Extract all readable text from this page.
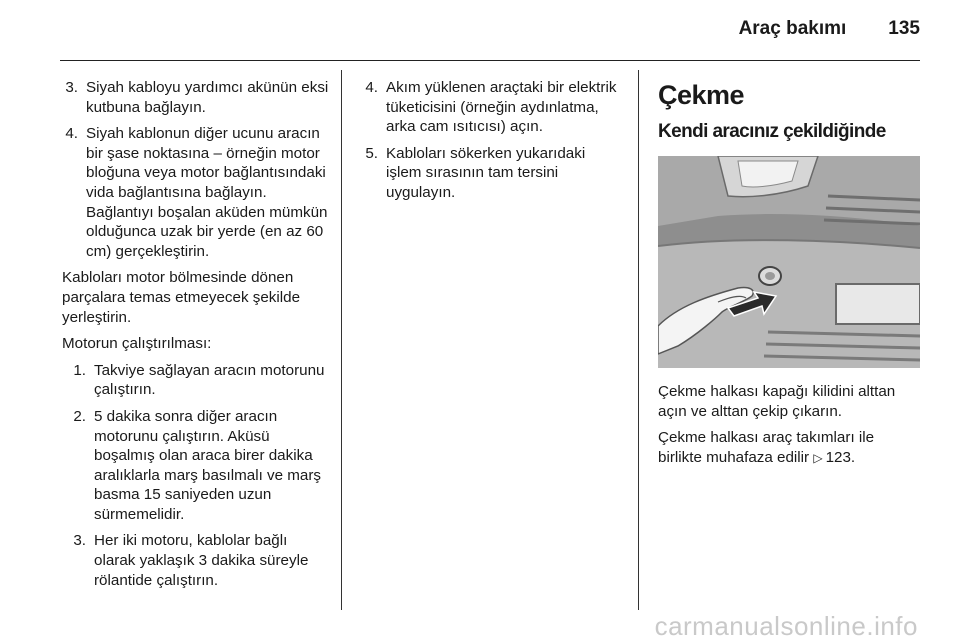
Araç bakımı 135
3. Siyah kabloyu yardımcı akünün eksi kutbuna bağlayın.
4. Siyah kablonun diğer ucunu aracın bir şase noktasına – örneğin motor bloğuna veya motor bağlantısındaki vida bağlantısına bağlayın. Bağlantıyı boşalan aküden mümkün olduğunca uzak bir yerde (en az 60 cm) gerçekleştirin.

Kabloları motor bölmesinde dönen parçalara temas etmeyecek şekilde yerleştirin.

Motorun çalıştırılması:

1. Takviye sağlayan aracın motorunu çalıştırın.
2. 5 dakika sonra diğer aracın motorunu çalıştırın. Aküsü boşalmış olan araca birer dakika aralıklarla marş basılmalı ve marş basma 15 saniyeden uzun sürmemelidir.
3. Her iki motoru, kablolar bağlı olarak yaklaşık 3 dakika süreyle rölantide çalıştırın.
4. Akım yüklenen araçtaki bir elektrik tüketicisini (örneğin aydınlatma, arka cam ısıtıcısı) açın.
5. Kabloları sökerken yukarıdaki işlem sırasının tam tersini uygulayın.
Çekme
Kendi aracınız çekildiğinde

Çekme halkası kapağı kilidini alttan açın ve alttan çekip çıkarın.

Çekme halkası araç takımları ile birlikte muhafaza edilir ▷ 123.

carmanualsonline.info
